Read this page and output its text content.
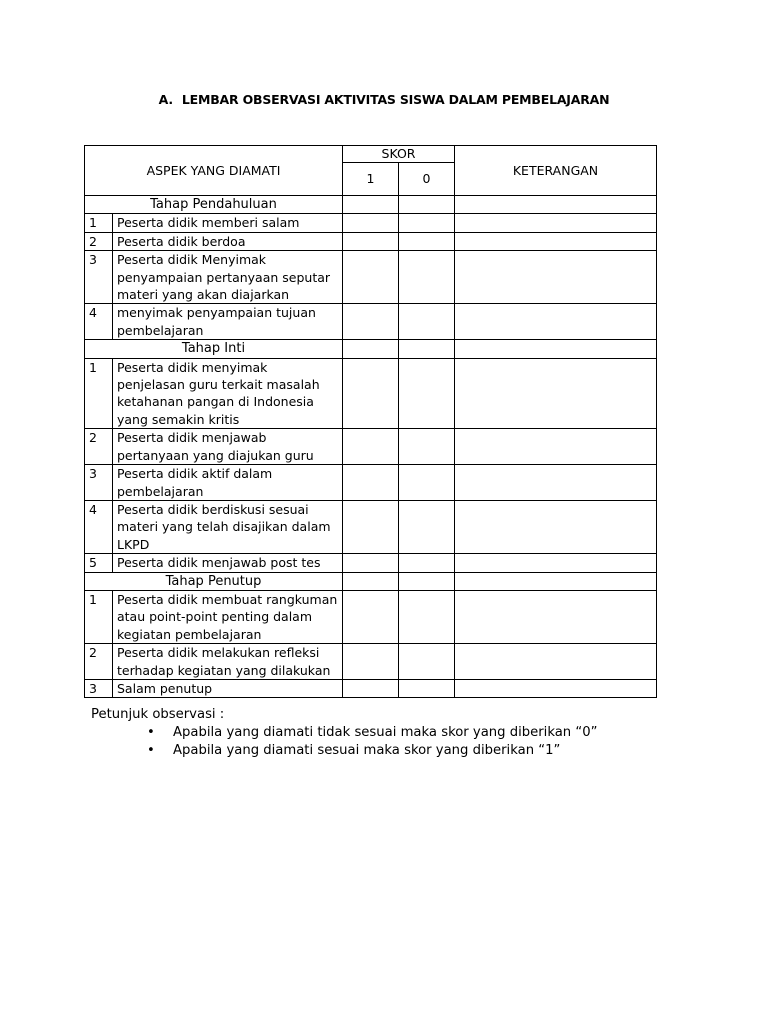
A. LEMBAR OBSERVASI AKTIVITAS SISWA DALAM PEMBELAJARAN
ASPEK YANG DIAMATI		SKOR		KETERANGAN
		1	0	
Tahap Pendahuluan				
1	Peserta didik memberi salam			
2	Peserta didik berdoa			
3	Peserta didik Menyimak penyampaian pertanyaan seputar materi yang akan diajarkan			
4	menyimak penyampaian tujuan pembelajaran			
Tahap Inti				
1	Peserta didik menyimak penjelasan guru terkait masalah ketahanan pangan di Indonesia yang semakin kritis			
2	Peserta didik menjawab pertanyaan yang diajukan guru			
3	Peserta didik aktif dalam pembelajaran			
4	Peserta didik berdiskusi sesuai materi yang telah disajikan dalam LKPD			
5	Peserta didik menjawab post tes			
Tahap Penutup				
1	Peserta didik membuat rangkuman atau point-point penting dalam kegiatan pembelajaran			
2	Peserta didik melakukan refleksi terhadap kegiatan yang dilakukan			
3	Salam penutup			
Petunjuk observasi :
• Apabila yang diamati tidak sesuai maka skor yang diberikan “0”
• Apabila yang diamati sesuai maka skor yang diberikan “1”
